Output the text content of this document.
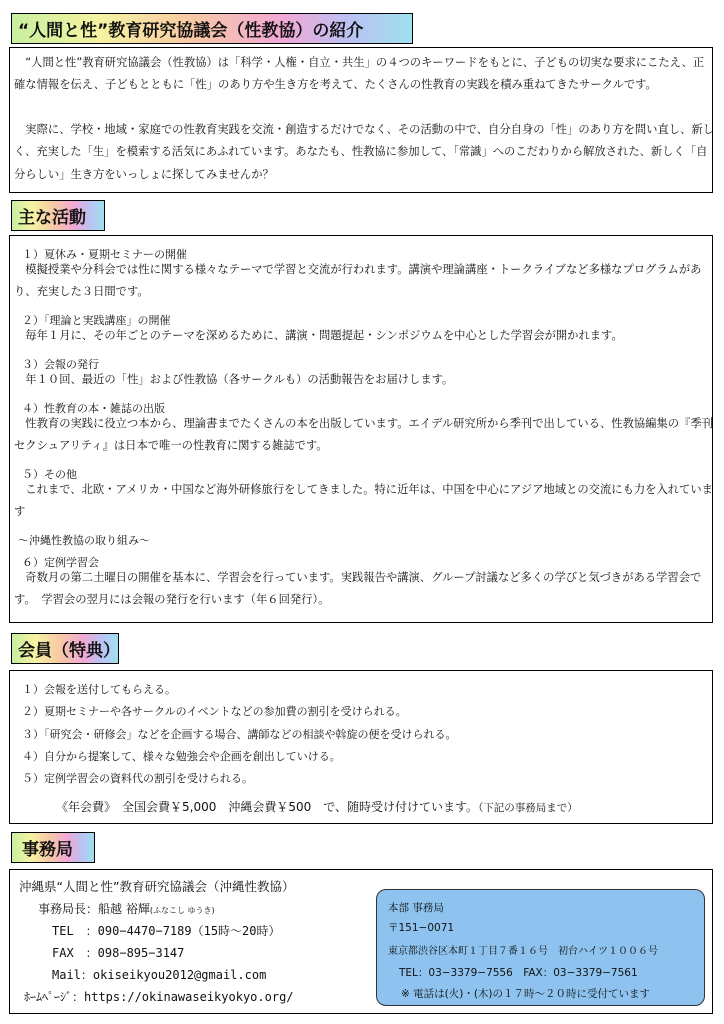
“人間と性”教育研究協議会（性教協）の紹介
　“人間と性”教育研究協議会（性教協）は「科学・人権・自立・共生」の４つのキーワードをもとに、子どもの切実な要求にこたえ、正確な情報を伝え、子どもとともに「性」のあり方や生き方を考えて、たくさんの性教育の実践を積み重ねてきたサークルです。
　実際に、学校・地域・家庭での性教育実践を交流・創造するだけでなく、その活動の中で、自分自身の「性」のあり方を問い直し、新しく、充実した「生」を模索する活気にあふれています。あなたも、性教協に参加して、「常識」へのこだわりから解放された、新しく「自分らしい」生き方をいっしょに探してみませんか？
主な活動
１）夏休み・夏期セミナーの開催
　模擬授業や分科会では性に関する様々なテーマで学習と交流が行われます。講演や理論講座・トークライブなど多様なプログラムがあり、充実した３日間です。
２）「理論と実践講座」の開催
　毎年１月に、その年ごとのテーマを深めるために、講演・問題提起・シンポジウムを中心とした学習会が開かれます。
３）会報の発行
　年１０回、最近の「性」および性教協（各サークルも）の活動報告をお届けします。
４）性教育の本・雑誌の出版
　性教育の実践に役立つ本から、理論書までたくさんの本を出版しています。エイデル研究所から季刊で出している、性教協編集の『季刊 セクシュアリティ』は日本で唯一の性教育に関する雑誌です。
５）その他
　これまで、北欧・アメリカ・中国など海外研修旅行をしてきました。特に近年は、中国を中心にアジア地域との交流にも力を入れています
〜沖縄性教協の取り組み〜
６）定例学習会
　奇数月の第二土曜日の開催を基本に、学習会を行っています。実践報告や講演、グループ討議など多くの学びと気づきがある学習会です。　学習会の翌月には会報の発行を行います（年６回発行）。
会員（特典）
１）会報を送付してもらえる。
２）夏期セミナーや各サークルのイベントなどの参加費の割引を受けられる。
３）「研究会・研修会」などを企画する場合、講師などの相談や斡旋の便を受けられる。
４）自分から提案して、様々な勉強会や企画を創出していける。
５）定例学習会の資料代の割引を受けられる。
《年会費》　全国会費￥5,000　沖縄会費￥500　で、随時受け付けています。（下記の事務局まで）
事務局
沖縄県“人間と性”教育研究協議会（沖縄性教協）
事務局長：船越 裕輝(ふなこし ゆうき)
TEL　：090−4470−7189（15時〜20時）
FAX　：098−895−3147
Mail：okiseikyou2012@gmail.com
ﾎｰﾑﾍﾟｰｼﾞ：https://okinawaseikyokyo.org/
本部 事務局
〒151−0071
東京都渋谷区本町１丁目７番１６号　初台ハイツ１００６号
TEL：03−3379−7556　FAX：03−3379−7561
※ 電話は(火)・(木)の１７時〜２０時に受付ています
